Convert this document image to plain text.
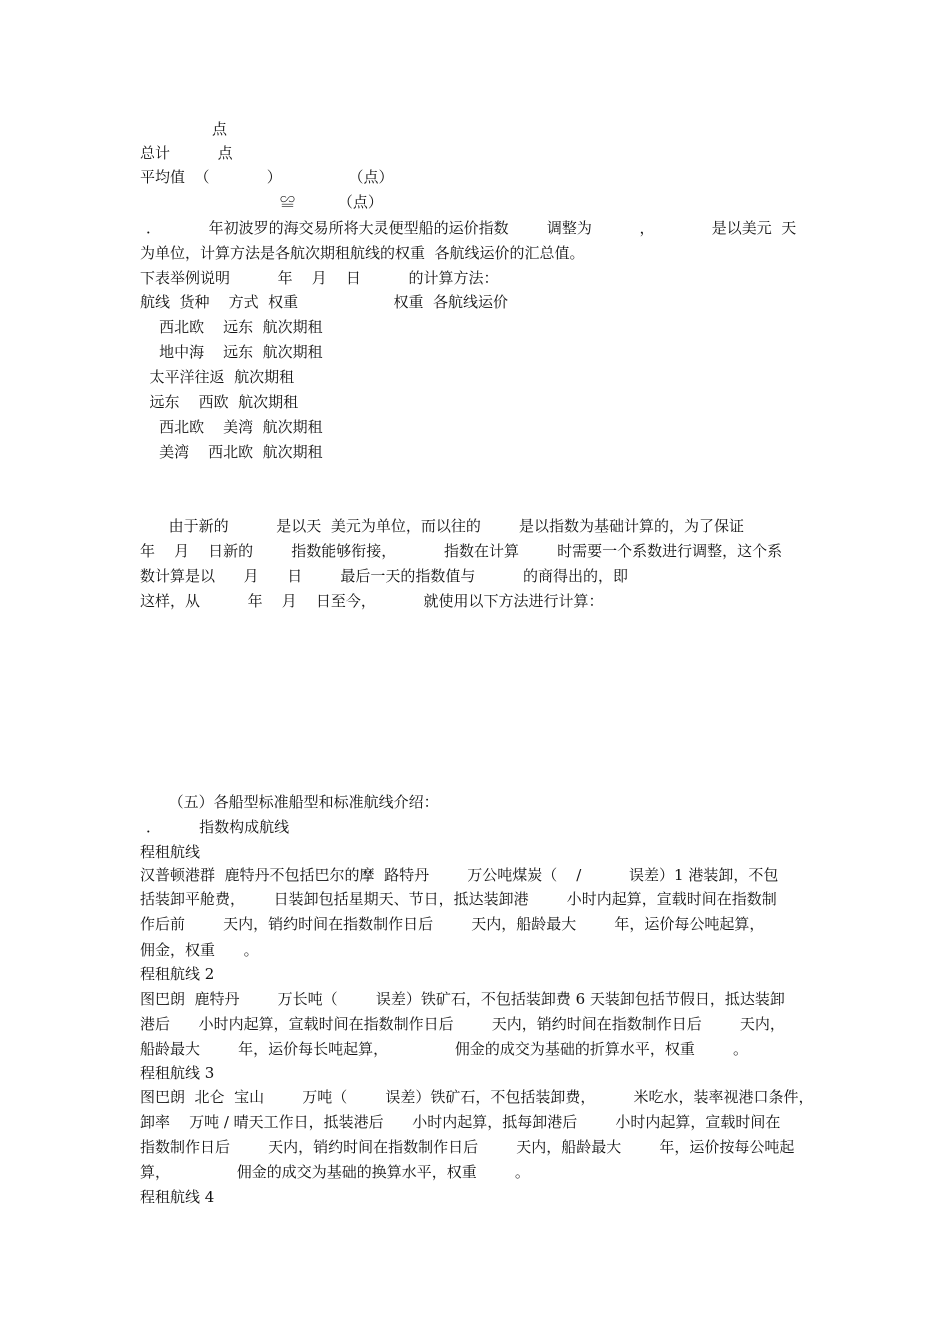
点
总计          点
平均值  （            ）              （点）
≌         （点）
．          年初波罗的海交易所将大灵便型船的运价指数        调整为          ，            是以美元  天
为单位，计算方法是各航次期租航线的权重  各航线运价的汇总值。
下表举例说明          年    月    日          的计算方法：
航线  货种    方式  权重                    权重  各航线运价
西北欧    远东  航次期租
地中海    远东  航次期租
太平洋往返  航次期租
远东    西欧  航次期租
西北欧    美湾  航次期租
美湾    西北欧  航次期租
由于新的          是以天  美元为单位，而以往的        是以指数为基础计算的，为了保证
年    月    日新的        指数能够衔接，          指数在计算        时需要一个系数进行调整，这个系
数计算是以      月      日        最后一天的指数值与          的商得出的，即
这样，从          年    月    日至今，          就使用以下方法进行计算：
（五）各船型标准船型和标准航线介绍：
．        指数构成航线
程租航线
汉普顿港群  鹿特丹不包括巴尔的摩  路特丹        万公吨煤炭（    /          误差）1 港装卸，不包
括装卸平舱费，      日装卸包括星期天、节日，抵达装卸港        小时内起算，宣载时间在指数制
作后前        天内，销约时间在指数制作日后        天内，船龄最大        年，运价每公吨起算，
佣金，权重      。
程租航线 2
图巴朗  鹿特丹        万长吨（        误差）铁矿石，不包括装卸费 6 天装卸包括节假日，抵达装卸
港后      小时内起算，宣载时间在指数制作日后        天内，销约时间在指数制作日后        天内，
船龄最大        年，运价每长吨起算，              佣金的成交为基础的折算水平，权重        。
程租航线 3
图巴朗  北仑  宝山        万吨（        误差）铁矿石，不包括装卸费，        米吃水，装率视港口条件，
卸率    万吨 / 晴天工作日，抵装港后      小时内起算，抵每卸港后        小时内起算，宣载时间在
指数制作日后        天内，销约时间在指数制作日后        天内，船龄最大        年，运价按每公吨起
算，              佣金的成交为基础的换算水平，权重        。
程租航线 4
